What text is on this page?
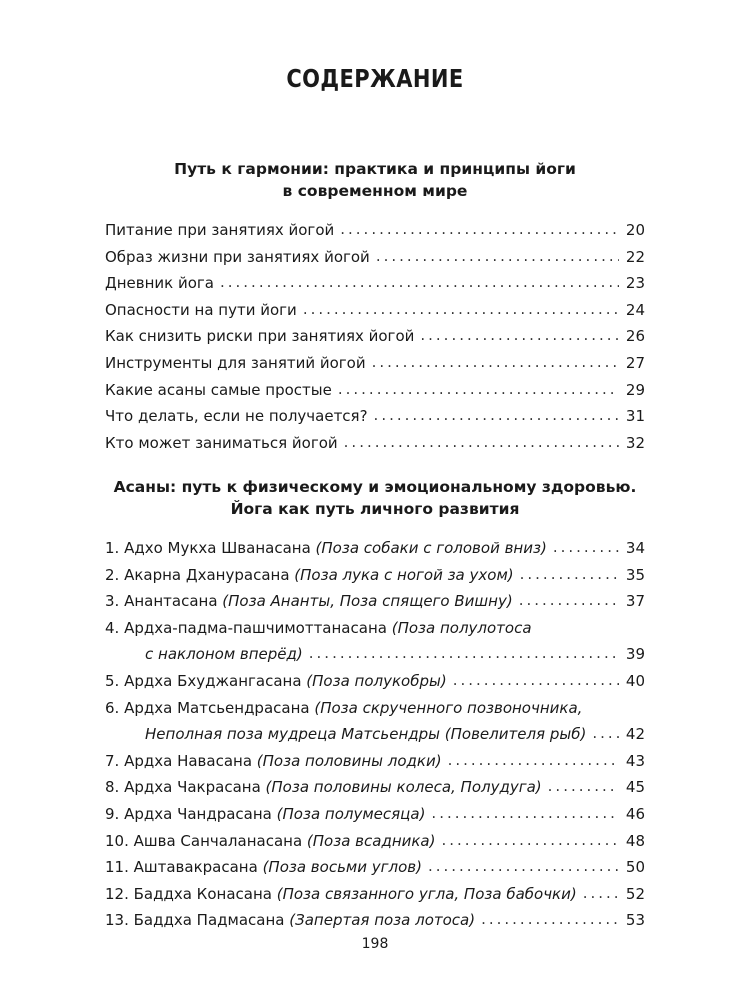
СОДЕРЖАНИЕ
Путь к гармонии: практика и принципы йоги
в современном мире
Питание при занятиях йогой .....	20
Образ жизни при занятиях йогой .....	22
Дневник йога .....	23
Опасности на пути йоги .....	24
Как снизить риски при занятиях йогой .....	26
Инструменты для занятий йогой .....	27
Какие асаны самые простые .....	29
Что делать, если не получается? .....	31
Кто может заниматься йогой .....	32
Асаны: путь к физическому и эмоциональному здоровью.
Йога как путь личного развития
1. Адхо Мукха Шванасана (Поза собаки с головой вниз) .....	34
2. Акарна Дханурасана (Поза лука с ногой за ухом) .....	35
3. Анантасана (Поза Ананты, Поза спящего Вишну) .....	37
4. Ардха-падма-пашчимоттанасана (Поза полулотоса
с наклоном вперёд) .....	39
5. Ардха Бхуджангасана (Поза полукобры) .....	40
6. Ардха Матсьендрасана (Поза скрученного позвоночника,
Неполная поза мудреца Матсьендры (Повелителя рыб) .....	42
7. Ардха Навасана (Поза половины лодки) .....	43
8. Ардха Чакрасана (Поза половины колеса, Полудуга) .....	45
9. Ардха Чандрасана (Поза полумесяца) .....	46
10. Ашва Санчаланасана (Поза всадника) .....	48
11. Аштавакрасана (Поза восьми углов) .....	50
12. Баддха Конасана (Поза связанного угла, Поза бабочки) .....	52
13. Баддха Падмасана (Запертая поза лотоса) .....	53
198
